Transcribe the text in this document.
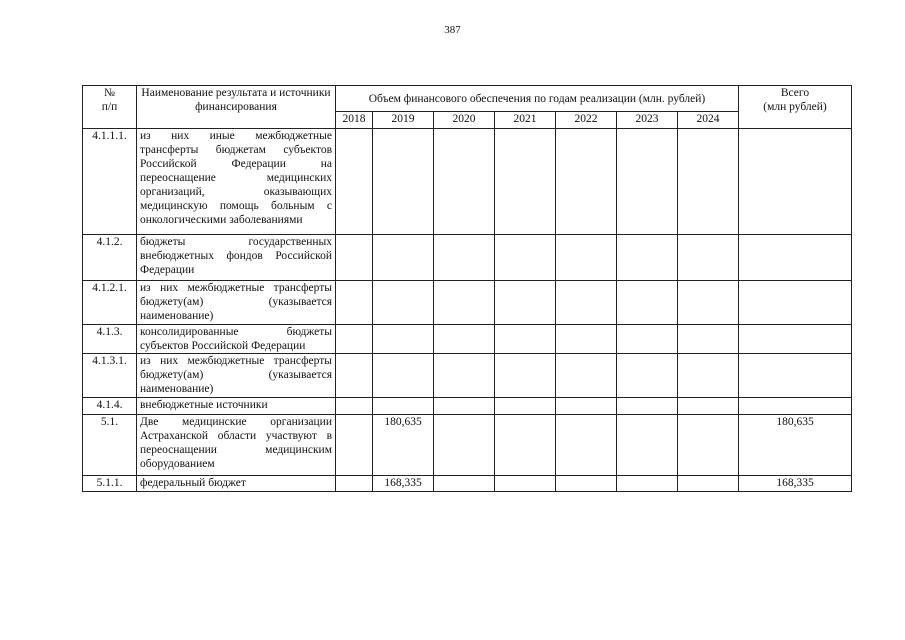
387
№
п/п	Наименование результата и источники финансирования	Объем финансового обеспечения по годам реализации (млн. рублей)							Всего
(млн рублей)
		2018	2019	2020	2021	2022	2023	2024	
4.1.1.1.	из них иные межбюджетные трансферты бюджетам субъектов Российской Федерации на переоснащение медицинских организаций, оказывающих медицинскую помощь больным с онкологическими заболеваниями								
4.1.2.	бюджеты государственных внебюджетных фондов Российской Федерации								
4.1.2.1.	из них межбюджетные трансферты бюджету(ам) (указывается наименование)								
4.1.3.	консолидированные бюджеты субъектов Российской Федерации								
4.1.3.1.	из них межбюджетные трансферты бюджету(ам) (указывается наименование)								
4.1.4.	внебюджетные источники								
5.1.	Две медицинские организации Астраханской области участвуют в переоснащении медицинским оборудованием		180,635						180,635
5.1.1.	федеральный бюджет		168,335						168,335
